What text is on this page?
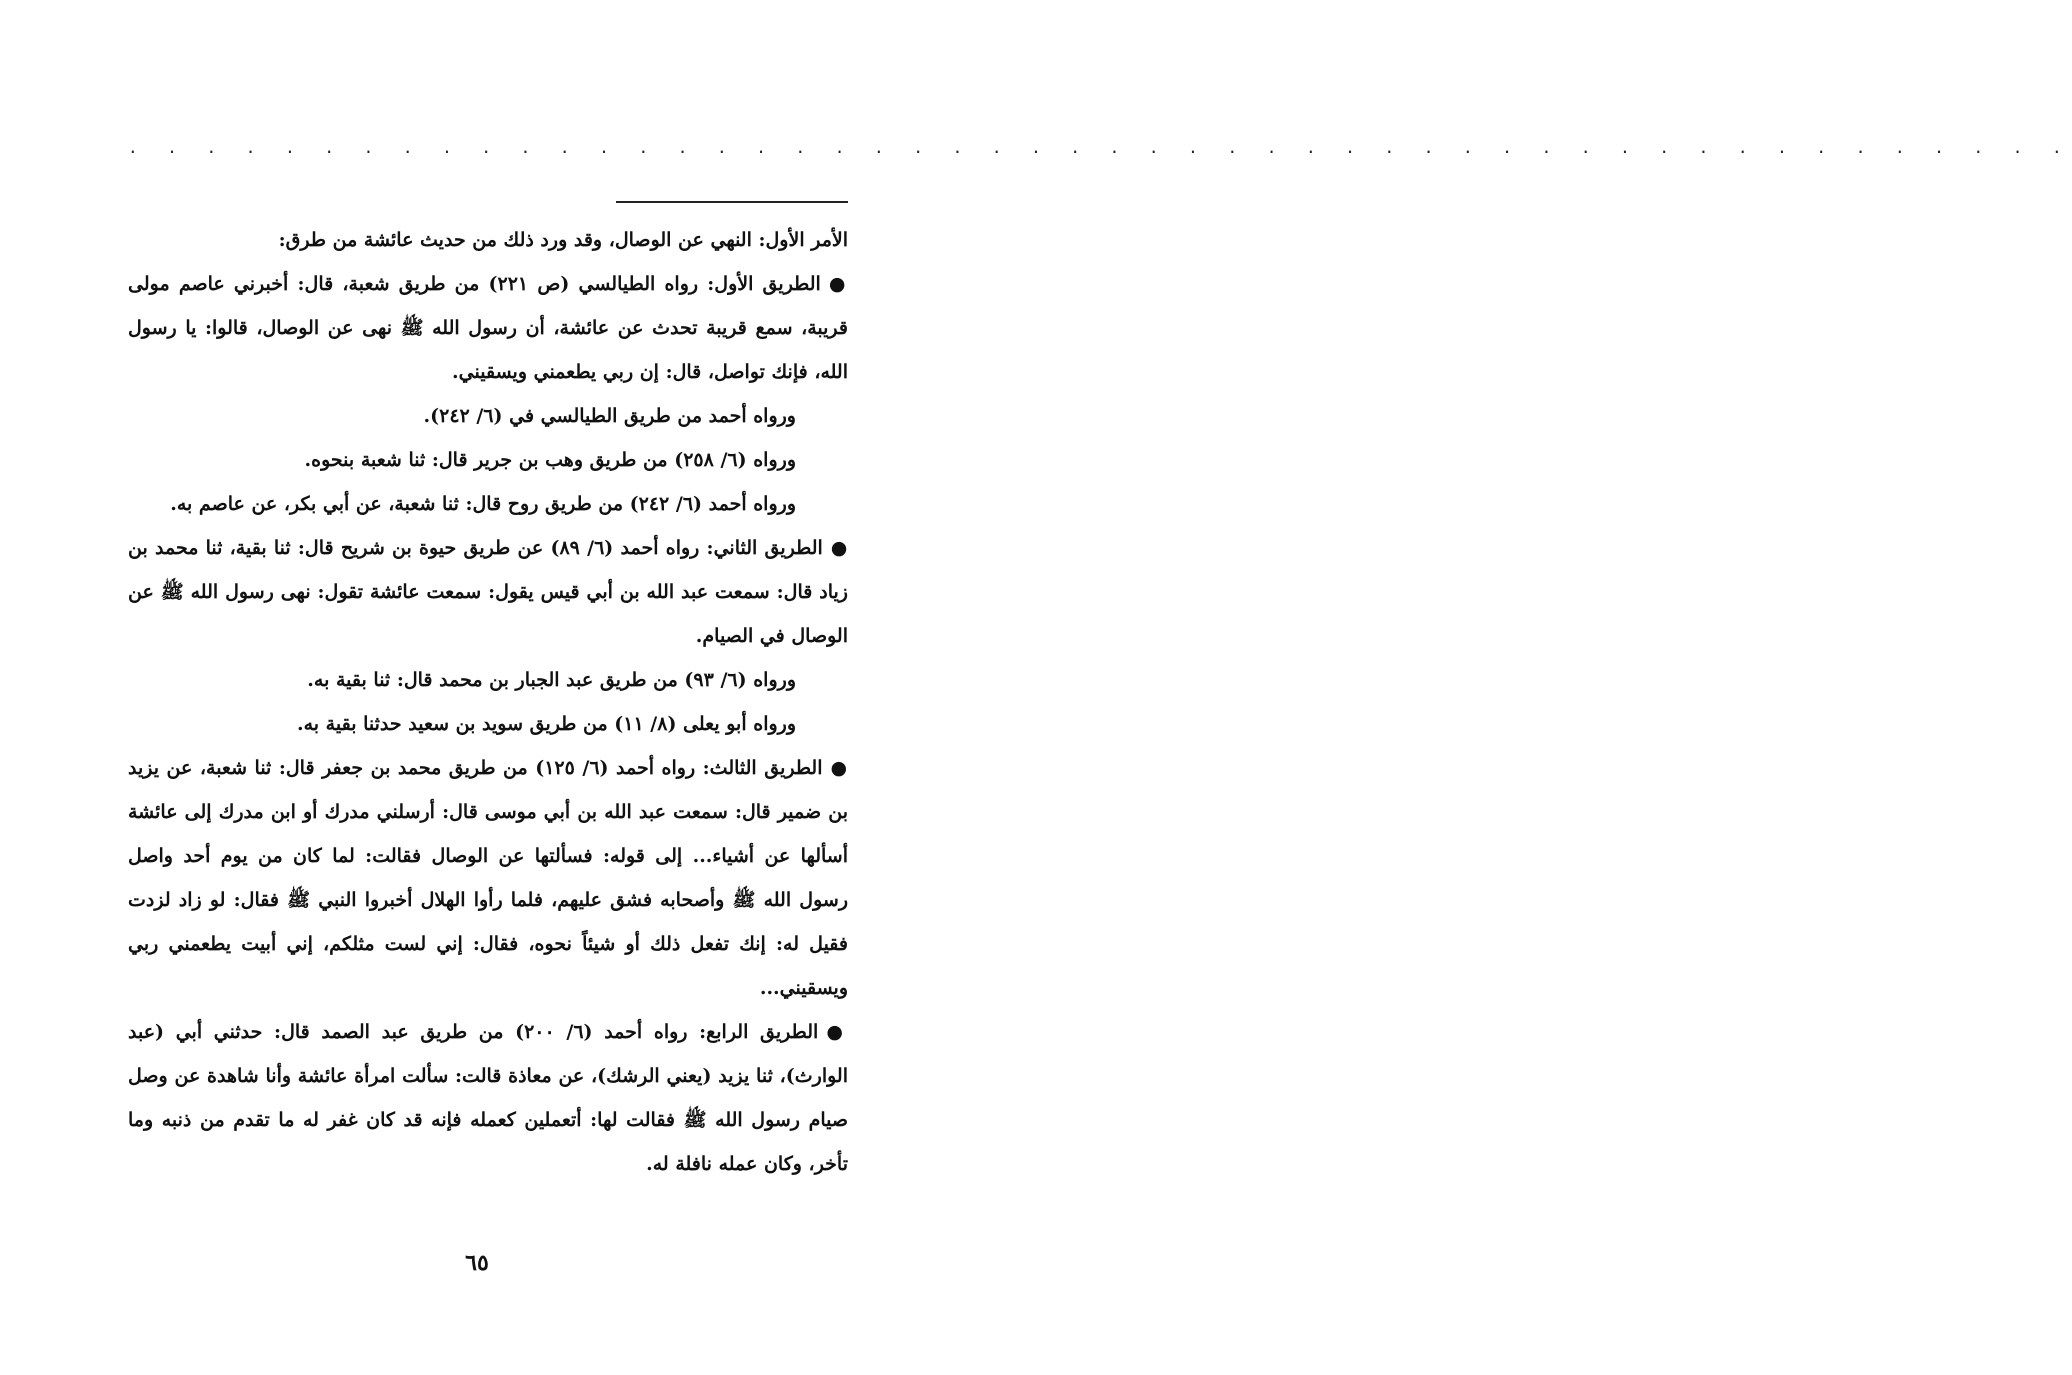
. . . . . . . . . . . . . . . . . . . . . . . . . . . . . . . . . . . . . . . . . . . . . . . . . .

الأمر الأول: النهي عن الوصال، وقد ورد ذلك من حديث عائشة من طرق:

●الطريق الأول: رواه الطيالسي (ص ٢٢١) من طريق شعبة، قال: أخبرني عاصم مولى قريبة، سمع قريبة تحدث عن عائشة، أن رسول الله ﷺ نهى عن الوصال، قالوا: يا رسول الله، فإنك تواصل، قال: إن ربي يطعمني ويسقيني.

ورواه أحمد من طريق الطيالسي في (٦/ ٢٤٢).

ورواه (٦/ ٢٥٨) من طريق وهب بن جرير قال: ثنا شعبة بنحوه.

ورواه أحمد (٦/ ٢٤٢) من طريق روح قال: ثنا شعبة، عن أبي بكر، عن عاصم به.

●الطريق الثاني: رواه أحمد (٦/ ٨٩) عن طريق حيوة بن شريح قال: ثنا بقية، ثنا محمد بن زياد قال: سمعت عبد الله بن أبي قيس يقول: سمعت عائشة تقول: نهى رسول الله ﷺ عن الوصال في الصيام.

ورواه (٦/ ٩٣) من طريق عبد الجبار بن محمد قال: ثنا بقية به.

ورواه أبو يعلى (٨/ ١١) من طريق سويد بن سعيد حدثنا بقية به.

●الطريق الثالث: رواه أحمد (٦/ ١٢٥) من طريق محمد بن جعفر قال: ثنا شعبة، عن يزيد بن ضمير قال: سمعت عبد الله بن أبي موسى قال: أرسلني مدرك أو ابن مدرك إلى عائشة أسألها عن أشياء... إلى قوله: فسألتها عن الوصال فقالت: لما كان من يوم أحد واصل رسول الله ﷺ وأصحابه فشق عليهم، فلما رأوا الهلال أخبروا النبي ﷺ فقال: لو زاد لزدت فقيل له: إنك تفعل ذلك أو شيئاً نحوه، فقال: إني لست مثلكم، إني أبيت يطعمني ربي ويسقيني...

●الطريق الرابع: رواه أحمد (٦/ ٢٠٠) من طريق عبد الصمد قال: حدثني أبي (عبد الوارث)، ثنا يزيد (يعني الرشك)، عن معاذة قالت: سألت امرأة عائشة وأنا شاهدة عن وصل صيام رسول الله ﷺ فقالت لها: أتعملين كعمله فإنه قد كان غفر له ما تقدم من ذنبه وما تأخر، وكان عمله نافلة له.

٦٥
